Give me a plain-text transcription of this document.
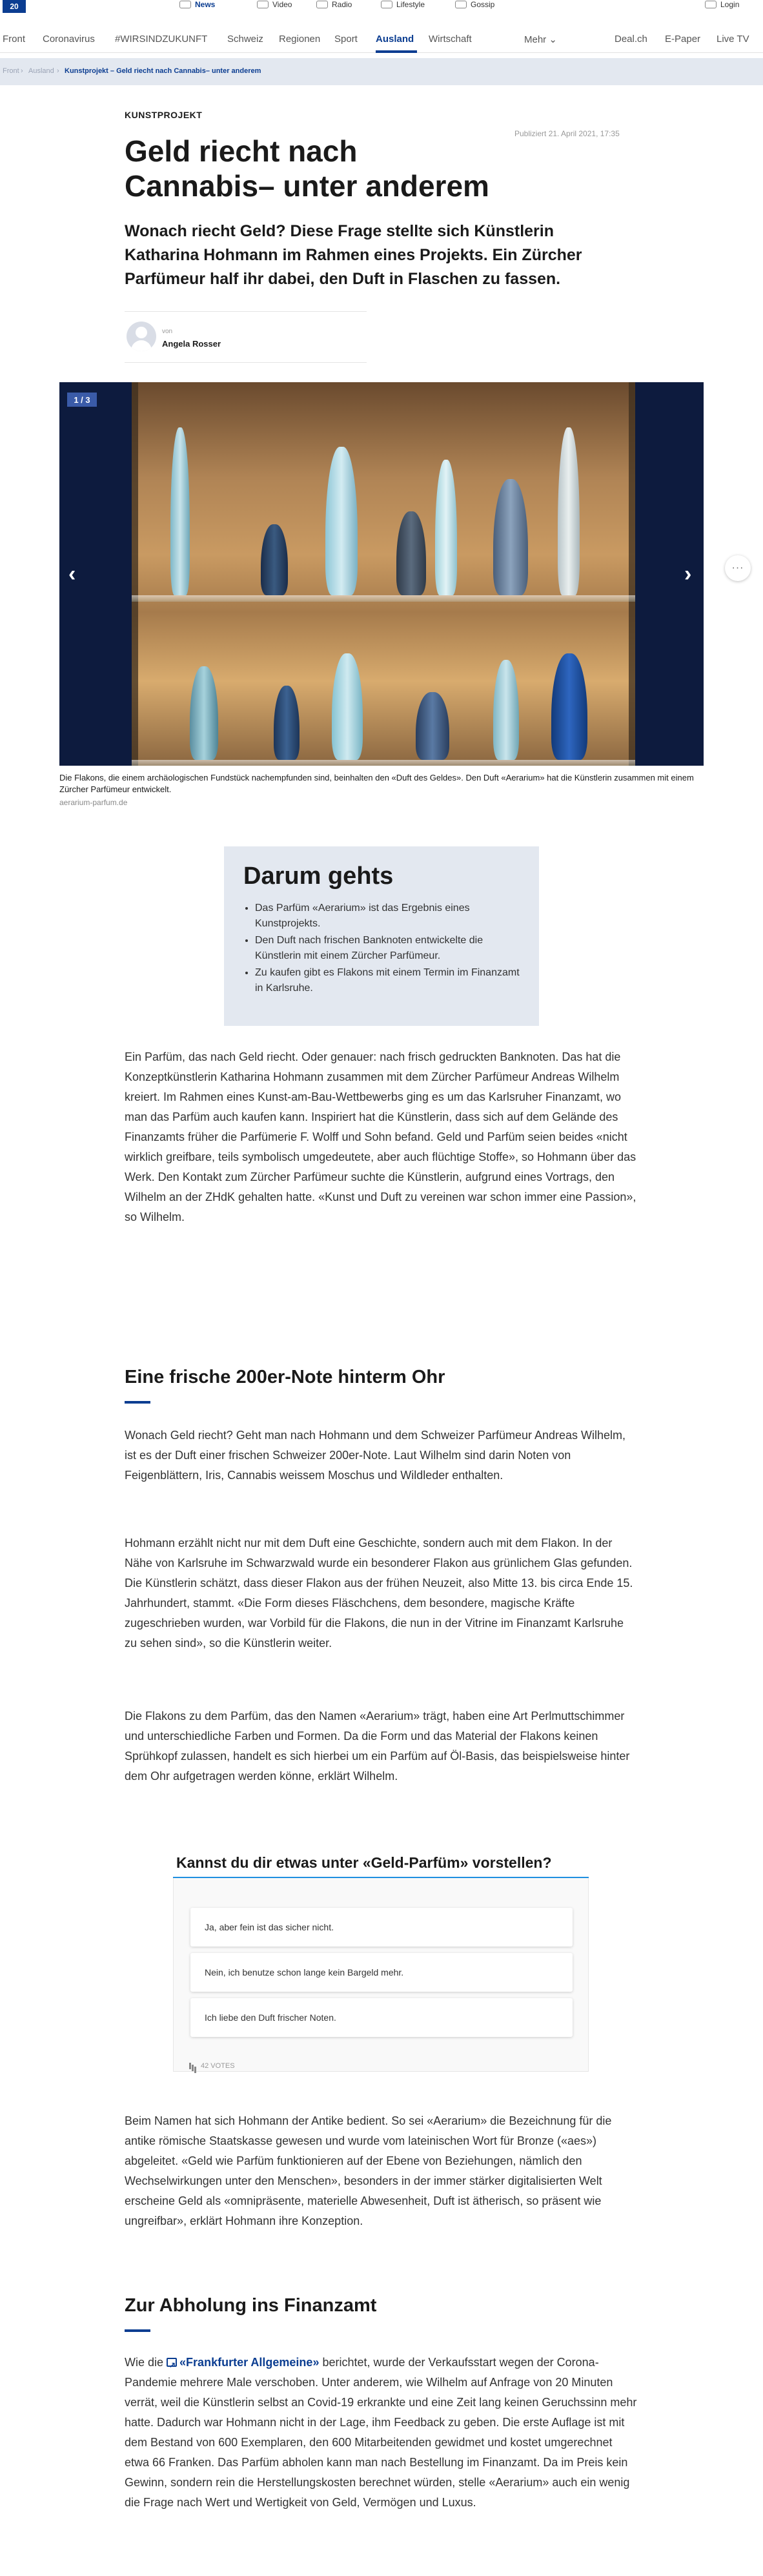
20	News	Video	Radio	Lifestyle	Gossip	Login
Front Coronavirus #WIRSINDZUKUNFT Schweiz Regionen Sport Ausland Wirtschaft	Mehr ⌄	Deal.ch E-Paper Live TV
Front › Ausland › Kunstprojekt – Geld riecht nach Cannabis– unter anderem
KUNSTPROJEKT
Publiziert 21. April 2021, 17:35
Geld riecht nach Cannabis– unter anderem

Wonach riecht Geld? Diese Frage stellte sich Künstlerin Katharina Hohmann im Rahmen eines Projekts. Ein Zürcher Parfümeur half ihr dabei, den Duft in Flaschen zu fassen.

von
Angela Rosser
1 / 3
‹	›	···

Die Flakons, die einem archäologischen Fundstück nachempfunden sind, beinhalten den «Duft des Geldes». Den Duft «Aerarium» hat die Künstlerin zusammen mit einem Zürcher Parfümeur entwickelt.

aerarium-parfum.de
Darum gehts
• Das Parfüm «Aerarium» ist das Ergebnis eines Kunstprojekts.
• Den Duft nach frischen Banknoten entwickelte die Künstlerin mit einem Zürcher Parfümeur.
• Zu kaufen gibt es Flakons mit einem Termin im Finanzamt in Karlsruhe.

Ein Parfüm, das nach Geld riecht. Oder genauer: nach frisch gedruckten Banknoten. Das hat die Konzeptkünstlerin Katharina Hohmann zusammen mit dem Zürcher Parfümeur Andreas Wilhelm kreiert. Im Rahmen eines Kunst-am-Bau-Wettbewerbs ging es um das Karlsruher Finanzamt, wo man das Parfüm auch kaufen kann. Inspiriert hat die Künstlerin, dass sich auf dem Gelände des Finanzamts früher die Parfümerie F. Wolff und Sohn befand. Geld und Parfüm seien beides «nicht wirklich greifbare, teils symbolisch umgedeutete, aber auch flüchtige Stoffe», so Hohmann über das Werk. Den Kontakt zum Zürcher Parfümeur suchte die Künstlerin, aufgrund eines Vortrags, den Wilhelm an der ZHdK gehalten hatte. «Kunst und Duft zu vereinen war schon immer eine Passion», so Wilhelm.

Eine frische 200er-Note hinterm Ohr

Wonach Geld riecht? Geht man nach Hohmann und dem Schweizer Parfümeur Andreas Wilhelm, ist es der Duft einer frischen Schweizer 200er-Note. Laut Wilhelm sind darin Noten von Feigenblättern, Iris, Cannabis weissem Moschus und Wildleder enthalten.

Hohmann erzählt nicht nur mit dem Duft eine Geschichte, sondern auch mit dem Flakon. In der Nähe von Karlsruhe im Schwarzwald wurde ein besonderer Flakon aus grünlichem Glas gefunden. Die Künstlerin schätzt, dass dieser Flakon aus der frühen Neuzeit, also Mitte 13. bis circa Ende 15. Jahrhundert, stammt. «Die Form dieses Fläschchens, dem besondere, magische Kräfte zugeschrieben wurden, war Vorbild für die Flakons, die nun in der Vitrine im Finanzamt Karlsruhe zu sehen sind», so die Künstlerin weiter.

Die Flakons zu dem Parfüm, das den Namen «Aerarium» trägt, haben eine Art Perlmuttschimmer und unterschiedliche Farben und Formen. Da die Form und das Material der Flakons keinen Sprühkopf zulassen, handelt es sich hierbei um ein Parfüm auf Öl-Basis, das beispielsweise hinter dem Ohr aufgetragen werden könne, erklärt Wilhelm.

Kannst du dir etwas unter «Geld-Parfüm» vorstellen?
Ja, aber fein ist das sicher nicht.
Nein, ich benutze schon lange kein Bargeld mehr.
Ich liebe den Duft frischer Noten.
42 VOTES

Beim Namen hat sich Hohmann der Antike bedient. So sei «Aerarium» die Bezeichnung für die antike römische Staatskasse gewesen und wurde vom lateinischen Wort für Bronze («aes») abgeleitet. «Geld wie Parfüm funktionieren auf der Ebene von Beziehungen, nämlich den Wechselwirkungen unter den Menschen», besonders in der immer stärker digitalisierten Welt erscheine Geld als «omnipräsente, materielle Abwesenheit, Duft ist ätherisch, so präsent wie ungreifbar», erklärt Hohmann ihre Konzeption.

Zur Abholung ins Finanzamt

Wie die ↗ «Frankfurter Allgemeine» berichtet, wurde der Verkaufsstart wegen der Corona-Pandemie mehrere Male verschoben. Unter anderem, wie Wilhelm auf Anfrage von 20 Minuten verrät, weil die Künstlerin selbst an Covid-19 erkrankte und eine Zeit lang keinen Geruchssinn mehr hatte. Dadurch war Hohmann nicht in der Lage, ihm Feedback zu geben. Die erste Auflage ist mit dem Bestand von 600 Exemplaren, den 600 Mitarbeitenden gewidmet und kostet umgerechnet etwa 66 Franken. Das Parfüm abholen kann man nach Bestellung im Finanzamt. Da im Preis kein Gewinn, sondern rein die Herstellungskosten berechnet würden, stelle «Aerarium» auch ein wenig die Frage nach Wert und Wertigkeit von Geld, Vermögen und Luxus.
